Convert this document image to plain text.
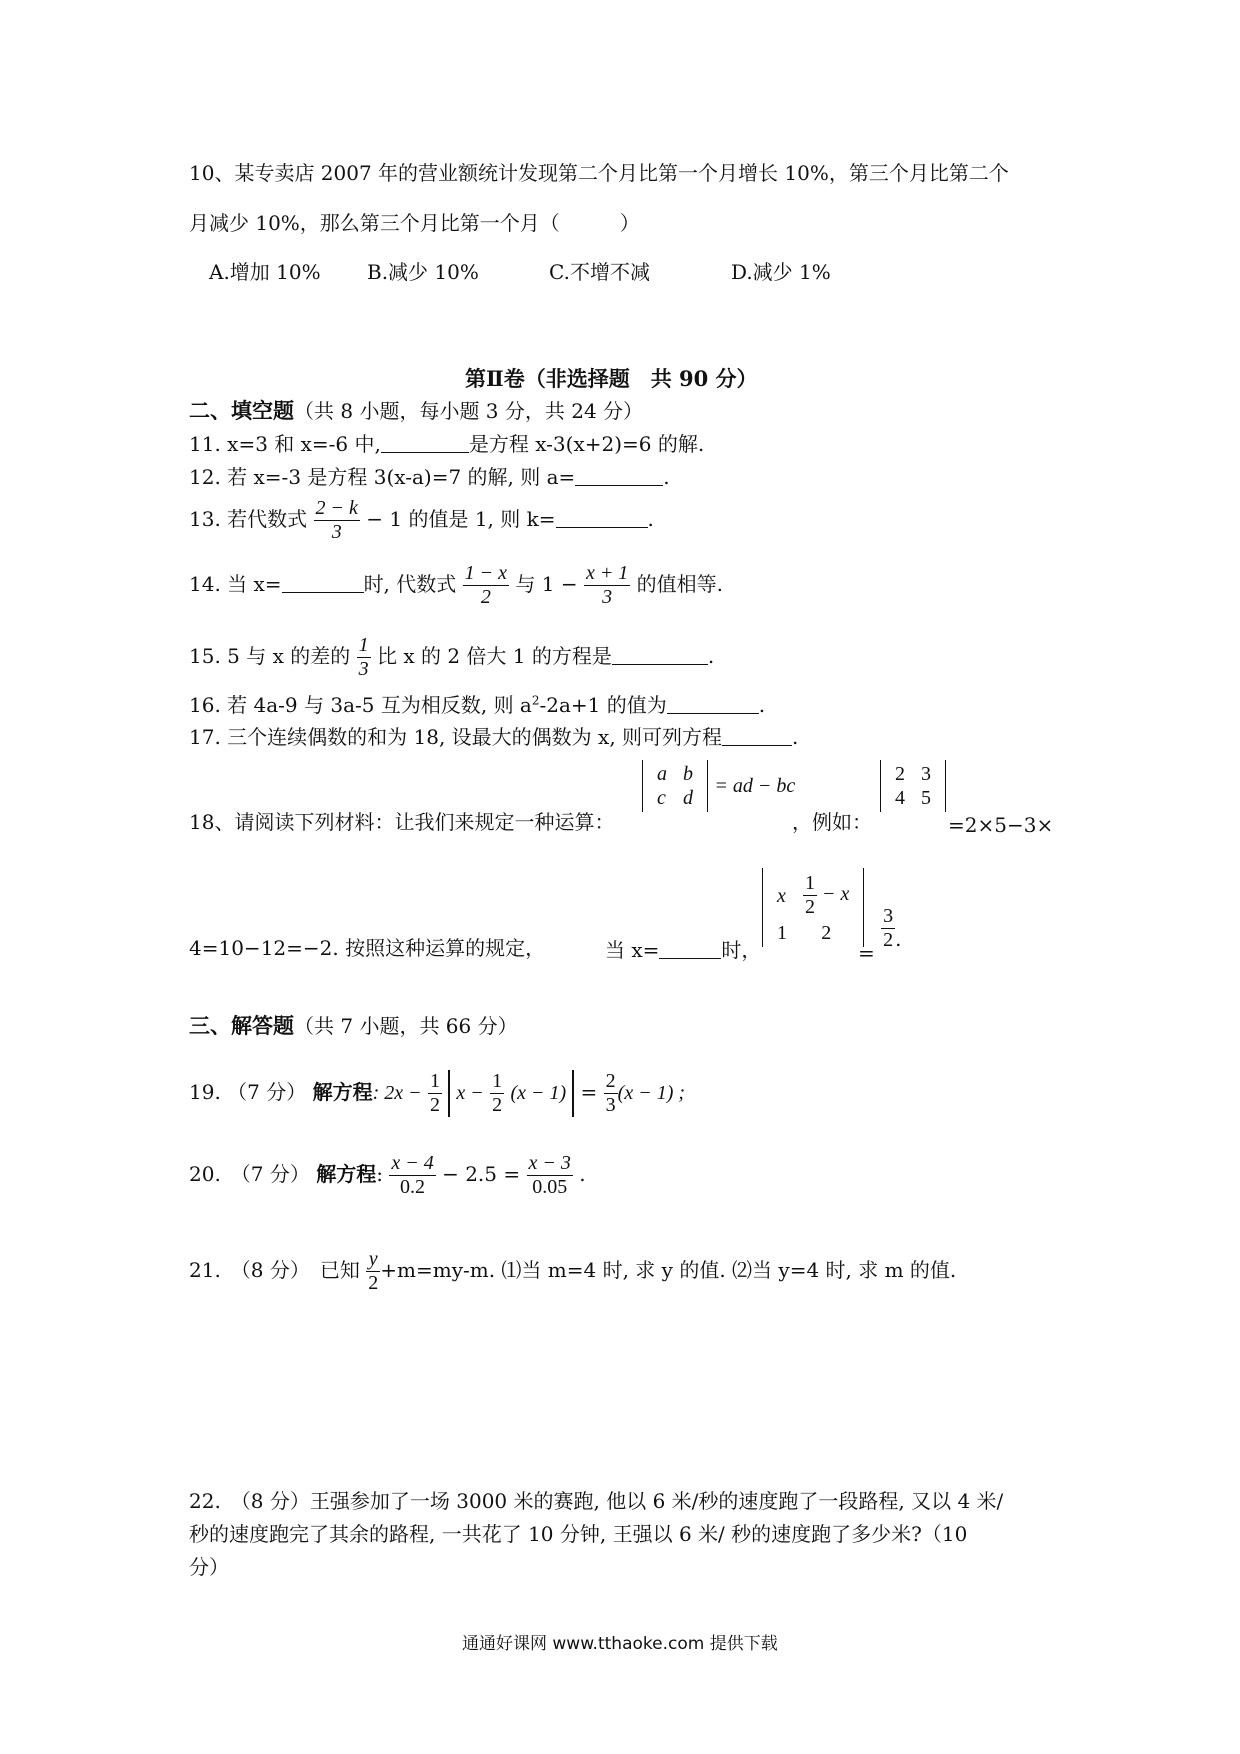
10、某专卖店 2007 年的营业额统计发现第二个月比第一个月增长 10%，第三个月比第二个
月减少 10%，那么第三个月比第一个月（　　　）
A.增加 10% B.减少 10%	C.不增不减	D.减少 1%
第Ⅱ卷（非选择题　共 90 分）
二、填空题（共 8 小题，每小题 3 分，共 24 分）
11. x=3 和 x=-6 中,	是方程 x-3(x+2)=6 的解.
12. 若 x=-3 是方程 3(x-a)=7 的解, 则 a=	.
13. 若代数式 $\frac{2 - k}{3} - 1$ 的值是 1, 则 k=	.
14. 当 x=	时, 代数式 $\frac{1 - x}{2}$ 与 $1 - \frac{x + 1}{3}$ 的值相等.
15. 5 与 x 的差的 $\frac{1}{3}$ 比 x 的 2 倍大 1 的方程是	.
16. 若 4a-9 与 3a-5 互为相反数, 则 $a^2-2a+1$ 的值为	.
17. 三个连续偶数的和为 18, 设最大的偶数为 x, 则可列方程	.
18、请阅读下列材料：让我们来规定一种运算：
a	b
c	d
= ad − bc
，例如：
2	3
4	5
=2×5−3×
4=10−12=−2. 按照这种运算的规定，	当 x=	时，
x	$\frac{1}{2} - x$
1	2
=
$\frac{3}{2}$ .
三、解答题（共 7 小题，共 66 分）
19. （7 分） 解方程: $2x - \frac{1}{2}$ $x - \frac{1}{2} (x - 1) = \frac{2}{3} (x - 1)$ ;
20.　（7 分） 解方程: $\frac{x - 4}{0.2} - 2.5 = \frac{x - 3}{0.05}$ .
21.　（8 分）　已知 $\frac{y}{2} +m=my-m$. ⑴当 m=4 时, 求 y 的值. ⑵当 y=4 时, 求 m 的值.
22.　（8 分）王强参加了一场 3000 米的赛跑, 他以 6 米/秒的速度跑了一段路程, 又以 4 米/
秒的速度跑完了其余的路程, 一共花了 10 分钟, 王强以 6 米/ 秒的速度跑了多少米?（10
分）
通通好课网 www.tthaoke.com 提供下载
